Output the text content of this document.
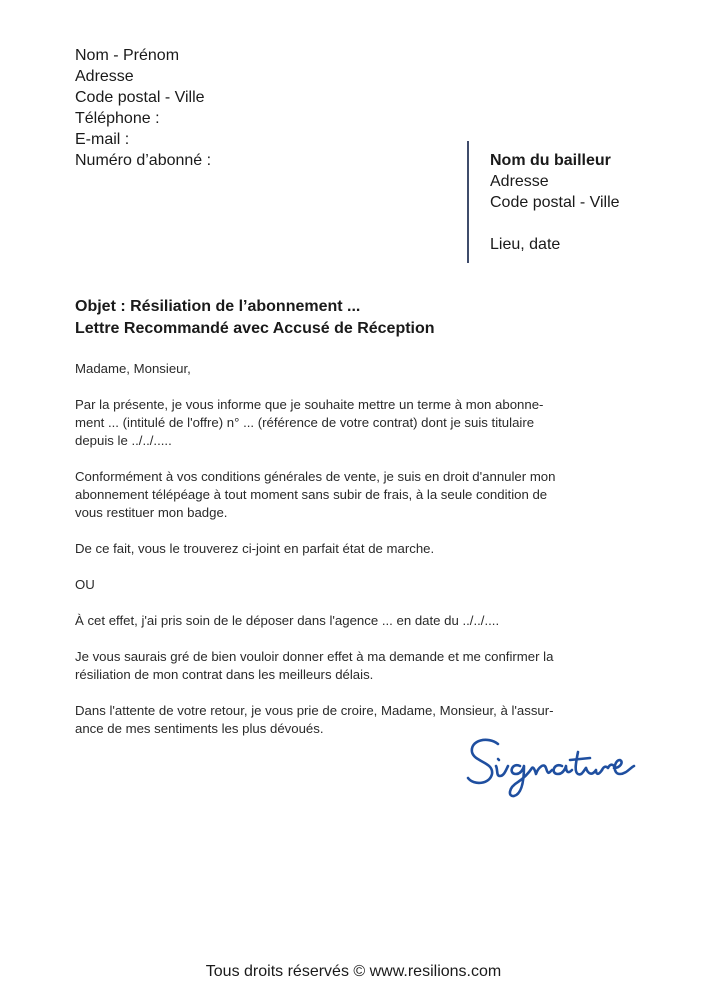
Nom - Prénom
Adresse
Code postal - Ville
Téléphone :
E-mail :
Numéro d’abonné :	Nom du bailleur
Adresse
Code postal - Ville
Lieu, date
Objet : Résiliation de l’abonnement ...
Lettre Recommandé avec Accusé de Réception

Madame, Monsieur,

Par la présente, je vous informe que je souhaite mettre un terme à mon abonne-
ment ... (intitulé de l'offre) n° ... (référence de votre contrat) dont je suis titulaire
depuis le ../../.....

Conformément à vos conditions générales de vente, je suis en droit d'annuler mon
abonnement télépéage à tout moment sans subir de frais, à la seule condition de
vous restituer mon badge.

De ce fait, vous le trouverez ci-joint en parfait état de marche.

OU

À cet effet, j'ai pris soin de le déposer dans l'agence ... en date du ../../....

Je vous saurais gré de bien vouloir donner effet à ma demande et me confirmer la
résiliation de mon contrat dans les meilleurs délais.

Dans l'attente de votre retour, je vous prie de croire, Madame, Monsieur, à l'assur-
ance de mes sentiments les plus dévoués.

Tous droits réservés © www.resilions.com
